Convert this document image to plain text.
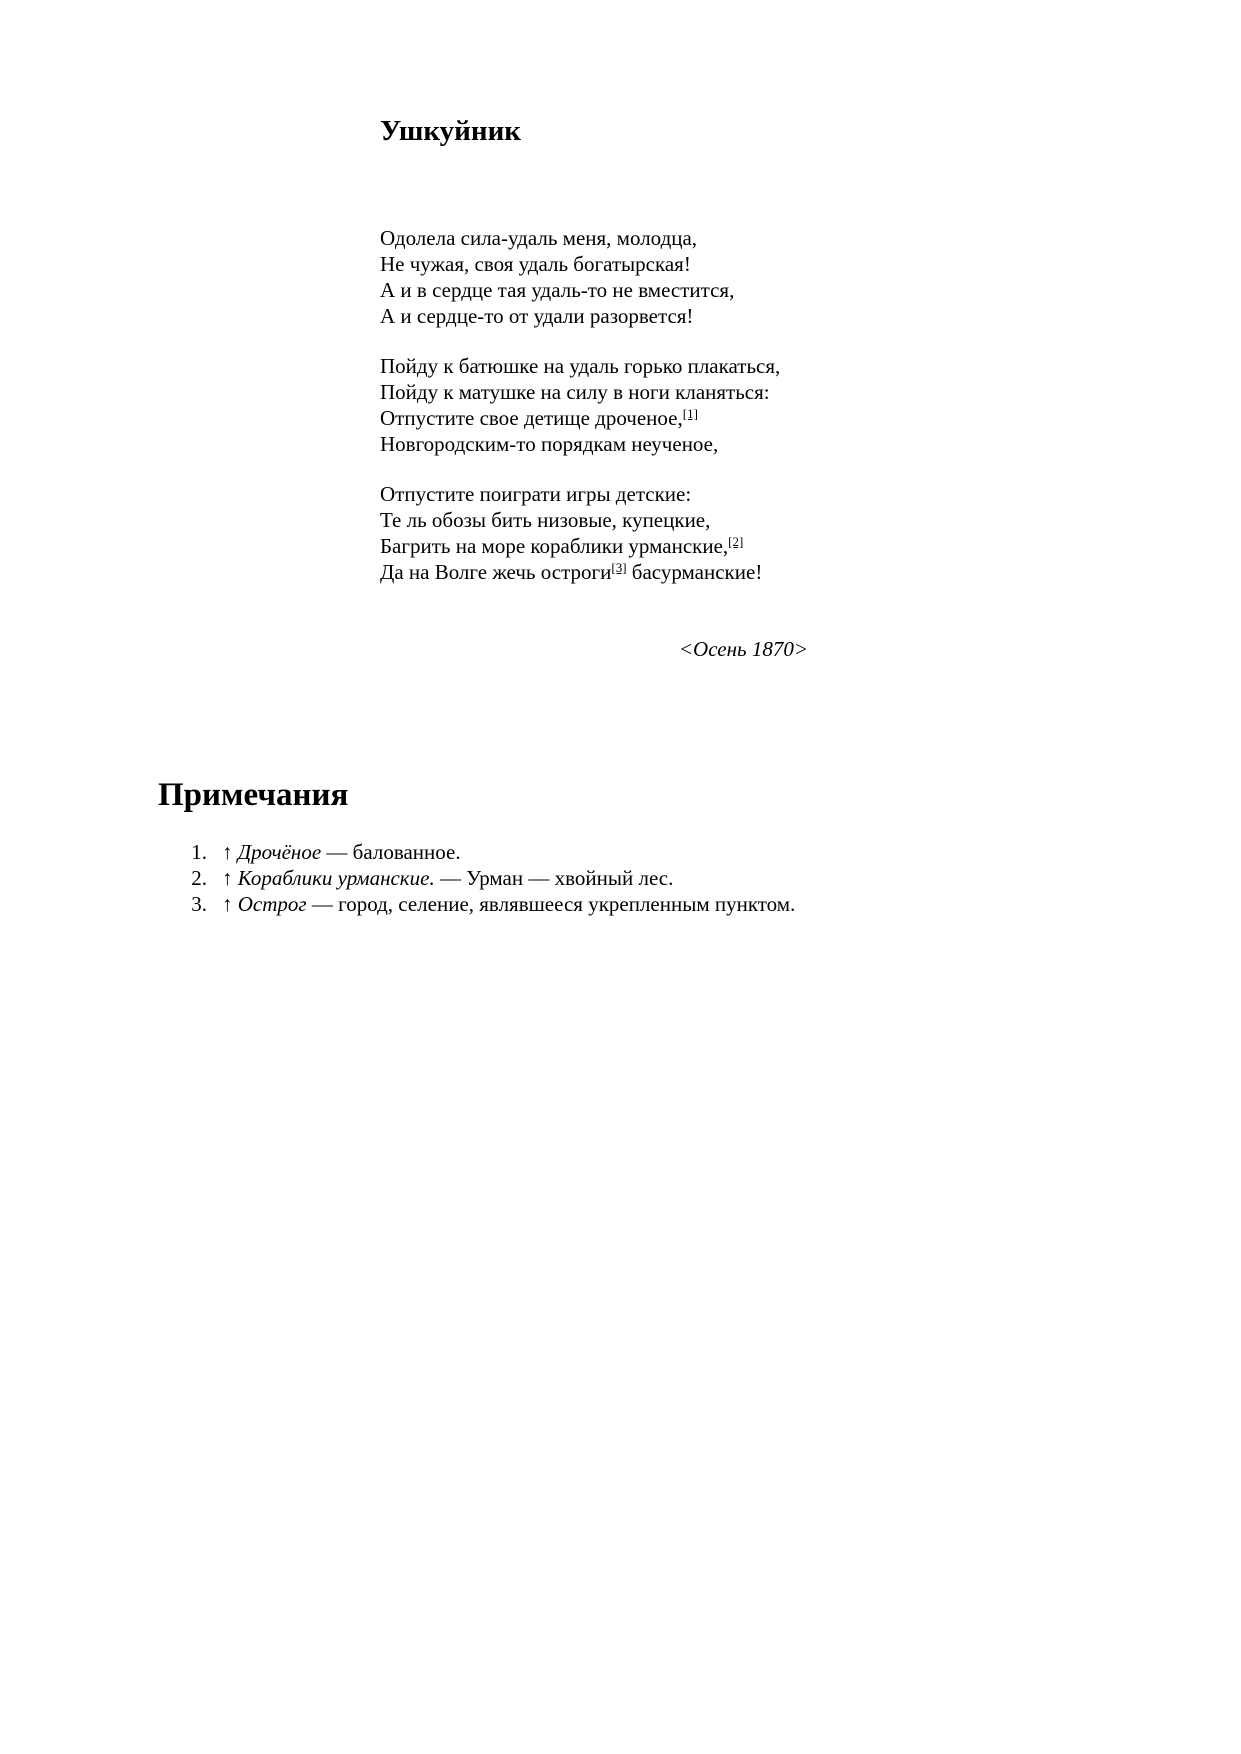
Ушкуйник
Одолела сила-удаль меня, молодца,
Не чужая, своя удаль богатырская!
А и в сердце тая удаль-то не вместится,
А и сердце-то от удали разорвется!
Пойду к батюшке на удаль горько плакаться,
Пойду к матушке на силу в ноги кланяться:
Отпустите свое детище дроченое,[1]
Новгородским-то порядкам неученое,
Отпустите поиграти игры детские:
Те ль обозы бить низовые, купецкие,
Багрить на море кораблики урманские,[2]
Да на Волге жечь остроги[3] басурманские!
<Осень 1870>
Примечания
1. ↑ Дрочёное — балованное.
2. ↑ Кораблики урманские. — Урман — хвойный лес.
3. ↑ Острог — город, селение, являвшееся укрепленным пунктом.
